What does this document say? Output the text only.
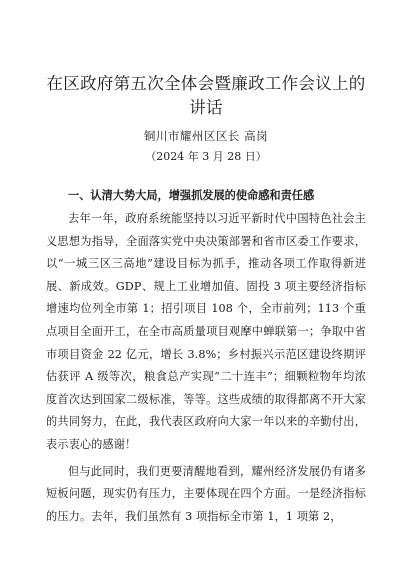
在区政府第五次全体会暨廉政工作会议上的讲话
铜川市耀州区区长 高岗
（2024 年 3 月 28 日）
一、认清大势大局，增强抓发展的使命感和责任感

去年一年，政府系统能坚持以习近平新时代中国特色社会主义思想为指导，全面落实党中央决策部署和省市区委工作要求，以“一城三区三高地”建设目标为抓手，推动各项工作取得新进展、新成效。GDP、规上工业增加值、固投 3 项主要经济指标增速均位列全市第 1；招引项目 108 个，全市前列；113 个重点项目全面开工，在全市高质量项目观摩中蝉联第一；争取中省市项目资金 22 亿元，增长 3.8%；乡村振兴示范区建设终期评估获评 A 级等次，粮食总产实现“二十连丰”；细颗粒物年均浓度首次达到国家二级标准，等等。这些成绩的取得都离不开大家的共同努力，在此，我代表区政府向大家一年以来的辛勤付出，表示衷心的感谢！

但与此同时，我们更要清醒地看到，耀州经济发展仍有诸多短板问题，现实仍有压力，主要体现在四个方面。一是经济指标的压力。去年，我们虽然有 3 项指标全市第 1，1 项第 2，
